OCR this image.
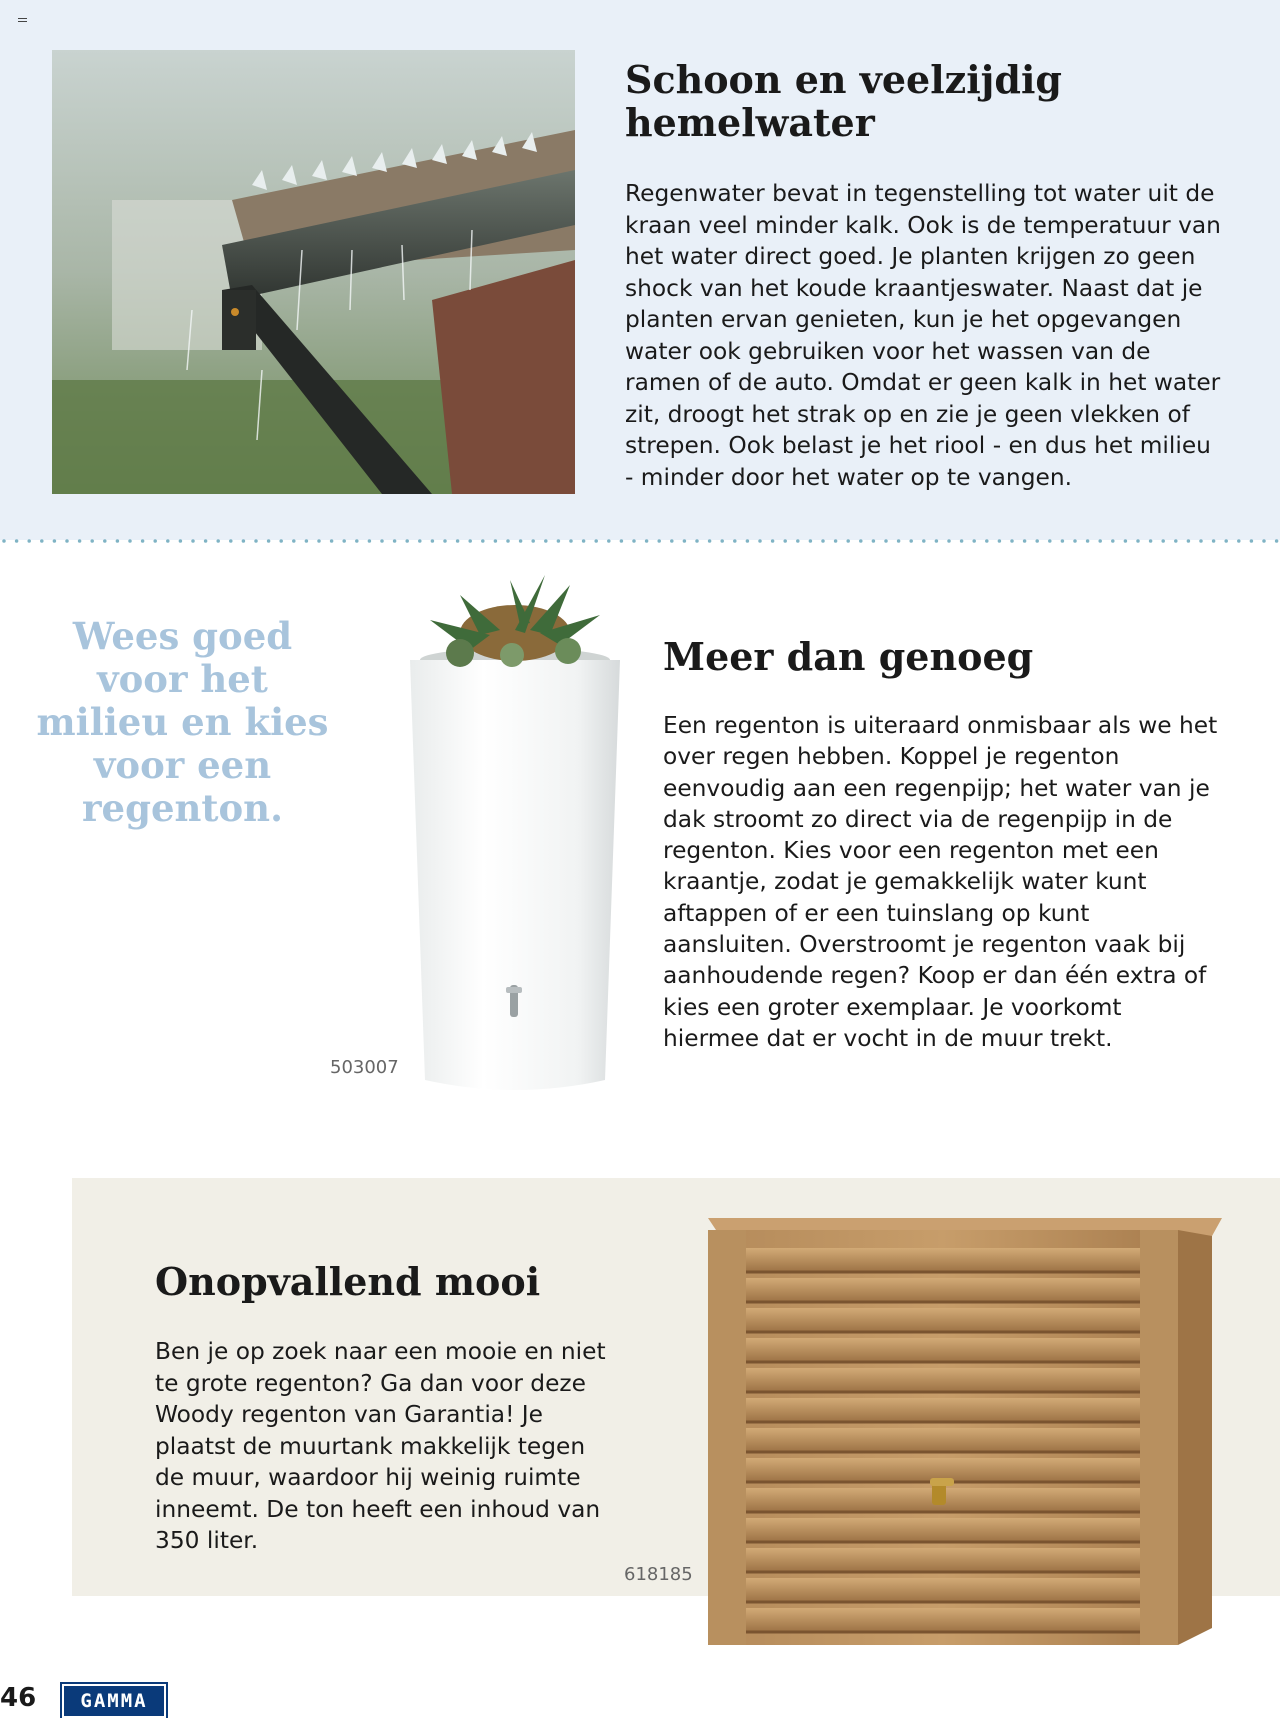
Schoon en veelzijdig
hemelwater
Regenwater bevat in tegenstelling tot water uit de kraan veel minder kalk. Ook is de temperatuur van het water direct goed. Je planten krijgen zo geen shock van het koude kraantjeswater. Naast dat je planten ervan genieten, kun je het opgevangen water ook gebruiken voor het wassen van de ramen of de auto. Omdat er geen kalk in het water zit, droogt het strak op en zie je geen vlekken of strepen. Ook belast je het riool - en dus het milieu - minder door het water op te vangen.
Wees goed voor het milieu en kies voor een regenton.
503007
Meer dan genoeg
Een regenton is uiteraard onmisbaar als we het over regen hebben. Koppel je regenton eenvoudig aan een regenpijp; het water van je dak stroomt zo direct via de regenpijp in de regenton. Kies voor een regenton met een kraantje, zodat je gemakkelijk water kunt aftappen of er een tuinslang op kunt aansluiten. Overstroomt je regenton vaak bij aanhoudende regen? Koop er dan één extra of kies een groter exemplaar. Je voorkomt hiermee dat er vocht in de muur trekt.
Onopvallend mooi
Ben je op zoek naar een mooie en niet te grote regenton? Ga dan voor deze Woody regenton van Garantia! Je plaatst de muurtank makkelijk tegen de muur, waardoor hij weinig ruimte inneemt. De ton heeft een inhoud van 350 liter.
618185
46 GAMMA
